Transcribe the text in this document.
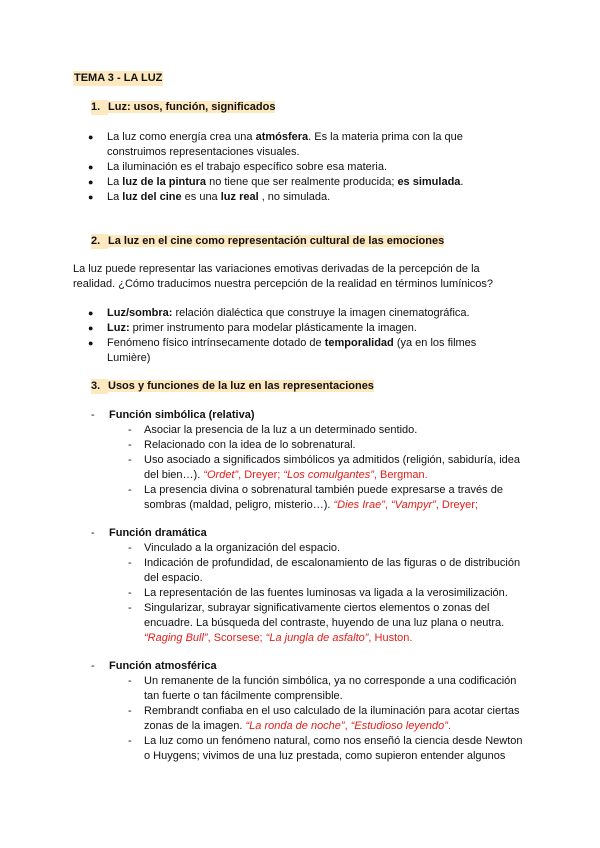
TEMA 3 - LA LUZ
1. Luz: usos, función, significados
● La luz como energía crea una atmósfera. Es la materia prima con la que construimos representaciones visuales.
● La iluminación es el trabajo específico sobre esa materia.
● La luz de la pintura no tiene que ser realmente producida; es simulada.
● La luz del cine es una luz real , no simulada.
2. La luz en el cine como representación cultural de las emociones
La luz puede representar las variaciones emotivas derivadas de la percepción de la realidad. ¿Cómo traducimos nuestra percepción de la realidad en términos lumínicos?
● Luz/sombra: relación dialéctica que construye la imagen cinematográfica.
● Luz: primer instrumento para modelar plásticamente la imagen.
● Fenómeno físico intrínsecamente dotado de temporalidad (ya en los filmes Lumière)
3. Usos y funciones de la luz en las representaciones
- Función simbólica (relativa)
- Asociar la presencia de la luz a un determinado sentido.
- Relacionado con la idea de lo sobrenatural.
- Uso asociado a significados simbólicos ya admitidos (religión, sabiduría, idea del bien…). “Ordet”, Dreyer; “Los comulgantes”, Bergman.
- La presencia divina o sobrenatural también puede expresarse a través de sombras (maldad, peligro, misterio…). “Dies Irae”, “Vampyr”, Dreyer;
- Función dramática
- Vinculado a la organización del espacio.
- Indicación de profundidad, de escalonamiento de las figuras o de distribución del espacio.
- La representación de las fuentes luminosas va ligada a la verosimilización.
- Singularizar, subrayar significativamente ciertos elementos o zonas del encuadre. La búsqueda del contraste, huyendo de una luz plana o neutra. “Raging Bull”, Scorsese; “La jungla de asfalto”, Huston.
- Función atmosférica
- Un remanente de la función simbólica, ya no corresponde a una codificación tan fuerte o tan fácilmente comprensible.
- Rembrandt confiaba en el uso calculado de la iluminación para acotar ciertas zonas de la imagen. “La ronda de noche”, “Estudioso leyendo”.
- La luz como un fenómeno natural, como nos enseñó la ciencia desde Newton o Huygens; vivimos de una luz prestada, como supieron entender algunos
